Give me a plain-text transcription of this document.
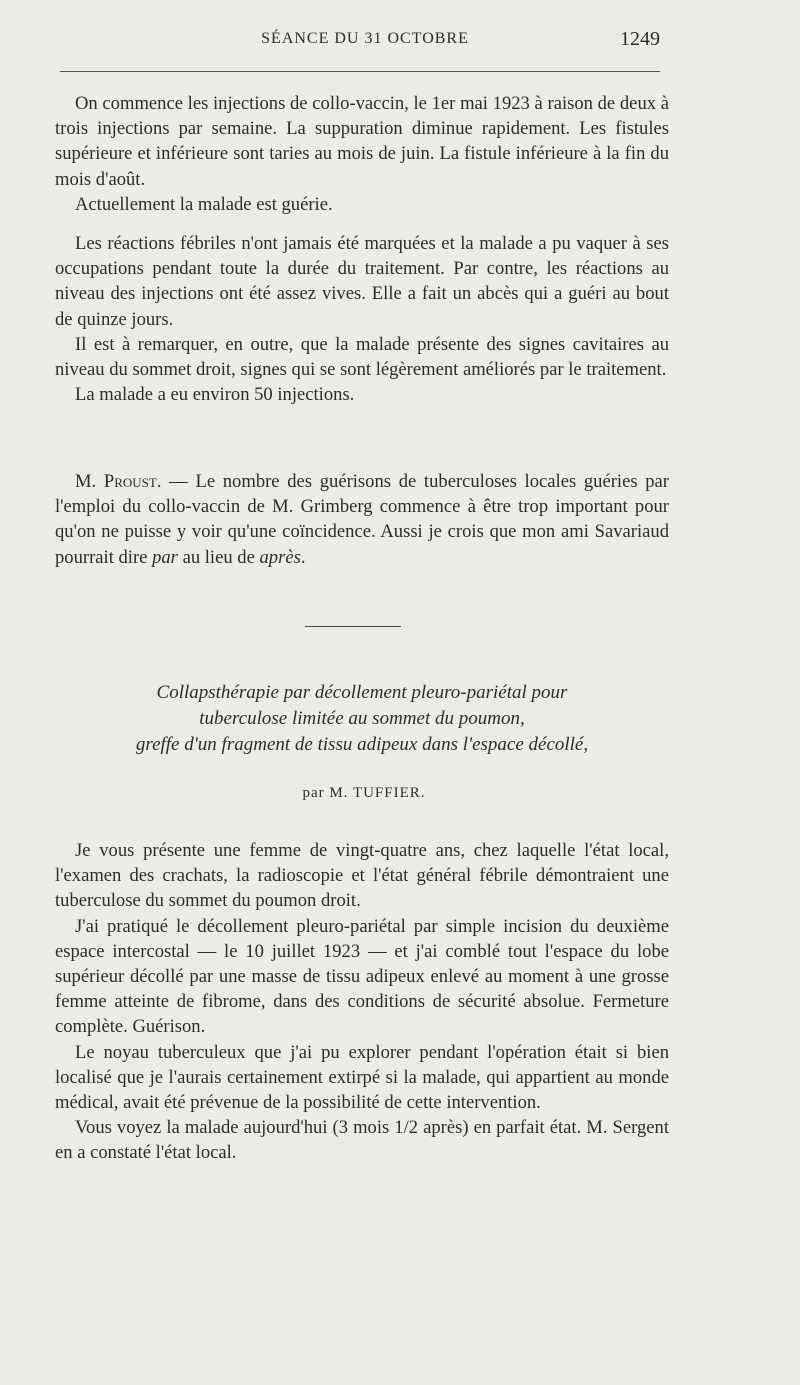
SÉANCE DU 31 OCTOBRE	1249

On commence les injections de collo-vaccin, le 1er mai 1923 à raison de deux à trois injections par semaine. La suppuration diminue rapidement. Les fistules supérieure et inférieure sont taries au mois de juin. La fistule inférieure à la fin du mois d'août.

Actuellement la malade est guérie.

Les réactions fébriles n'ont jamais été marquées et la malade a pu vaquer à ses occupations pendant toute la durée du traitement. Par contre, les réactions au niveau des injections ont été assez vives. Elle a fait un abcès qui a guéri au bout de quinze jours.

Il est à remarquer, en outre, que la malade présente des signes cavitaires au niveau du sommet droit, signes qui se sont légèrement améliorés par le traitement.

La malade a eu environ 50 injections.

M. Proust. — Le nombre des guérisons de tuberculoses locales guéries par l'emploi du collo-vaccin de M. Grimberg commence à être trop important pour qu'on ne puisse y voir qu'une coïncidence. Aussi je crois que mon ami Savariaud pourrait dire par au lieu de après.

Collapsthérapie par décollement pleuro-pariétal pour
tuberculose limitée au sommet du poumon,
greffe d'un fragment de tissu adipeux dans l'espace décollé,
par M. TUFFIER.

Je vous présente une femme de vingt-quatre ans, chez laquelle l'état local, l'examen des crachats, la radioscopie et l'état général fébrile démontraient une tuberculose du sommet du poumon droit.

J'ai pratiqué le décollement pleuro-pariétal par simple incision du deuxième espace intercostal — le 10 juillet 1923 — et j'ai comblé tout l'espace du lobe supérieur décollé par une masse de tissu adipeux enlevé au moment à une grosse femme atteinte de fibrome, dans des conditions de sécurité absolue. Fermeture complète. Guérison.

Le noyau tuberculeux que j'ai pu explorer pendant l'opération était si bien localisé que je l'aurais certainement extirpé si la malade, qui appartient au monde médical, avait été prévenue de la possibilité de cette intervention.

Vous voyez la malade aujourd'hui (3 mois 1/2 après) en parfait état. M. Sergent en a constaté l'état local.
